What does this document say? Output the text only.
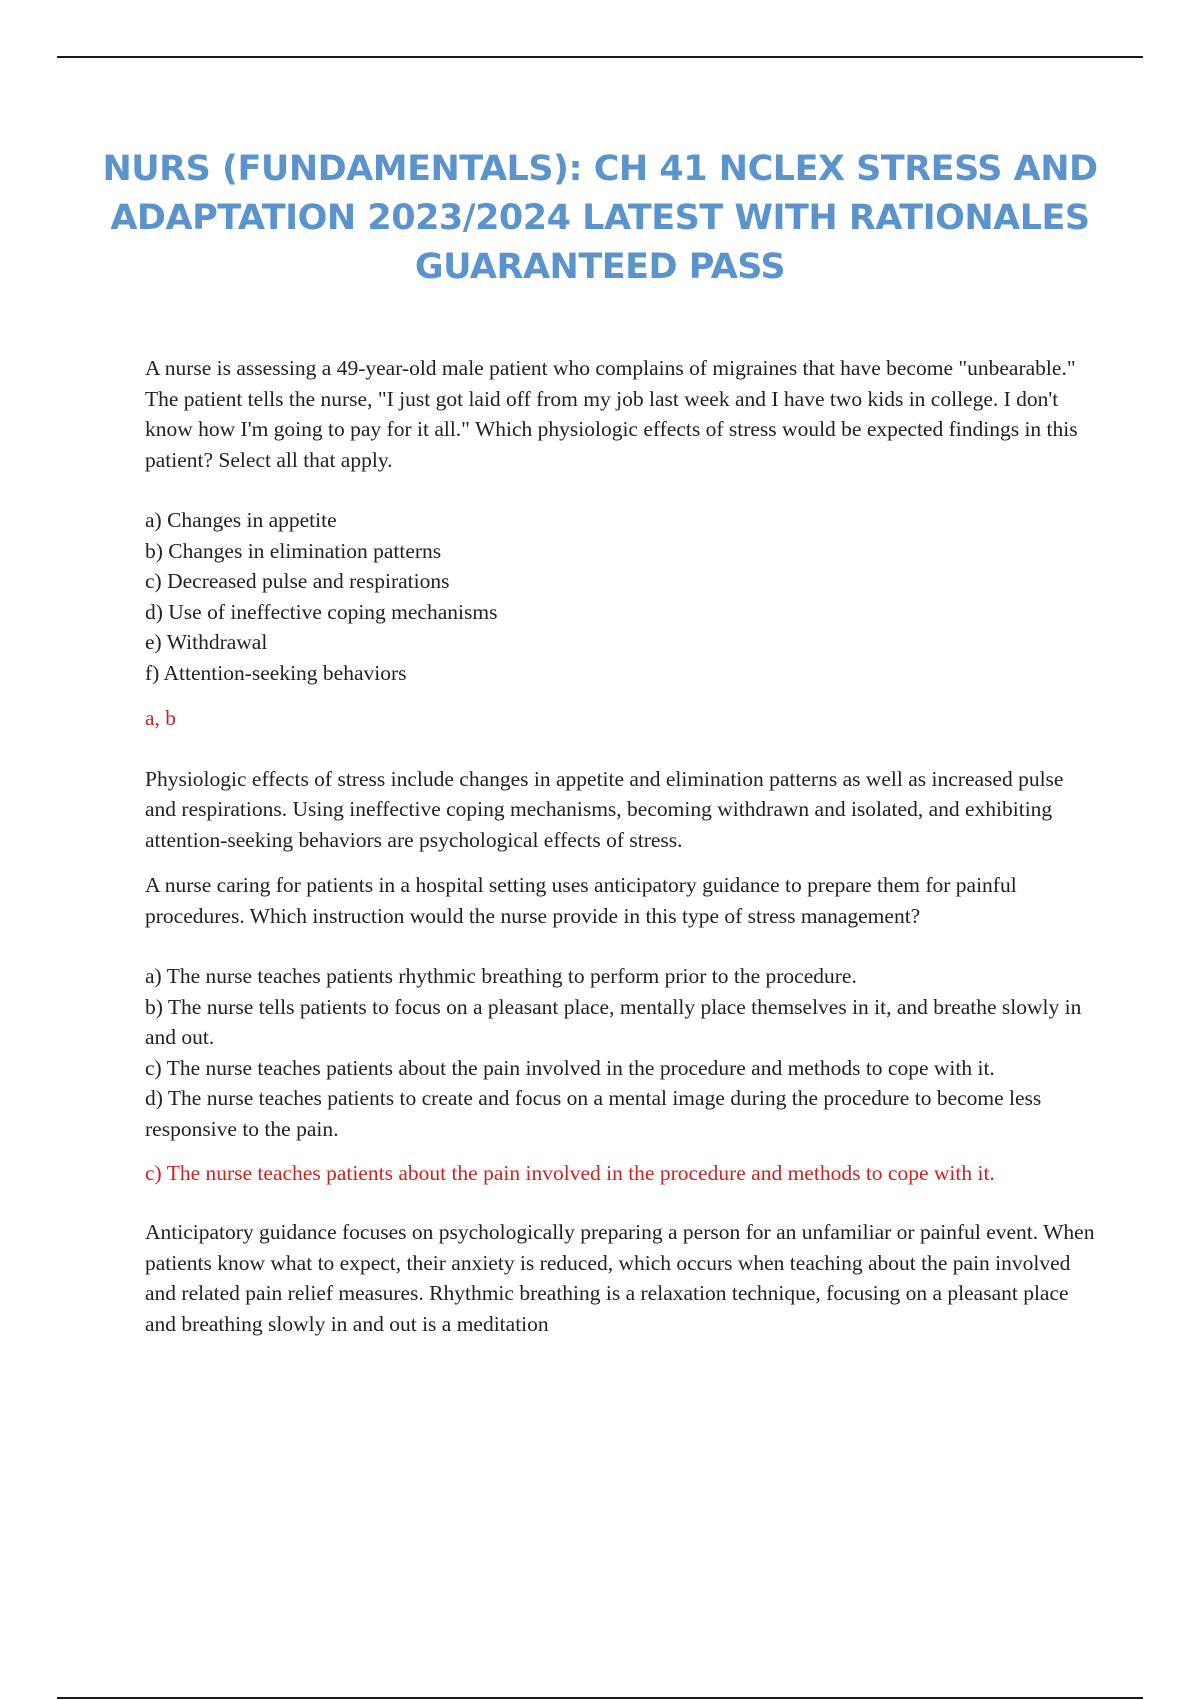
NURS (FUNDAMENTALS): CH 41 NCLEX STRESS AND ADAPTATION 2023/2024 LATEST WITH RATIONALES GUARANTEED PASS

A nurse is assessing a 49-year-old male patient who complains of migraines that have become "unbearable." The patient tells the nurse, "I just got laid off from my job last week and I have two kids in college. I don't know how I'm going to pay for it all." Which physiologic effects of stress would be expected findings in this patient? Select all that apply.

a) Changes in appetite
b) Changes in elimination patterns
c) Decreased pulse and respirations
d) Use of ineffective coping mechanisms
e) Withdrawal
f) Attention-seeking behaviors

a, b

Physiologic effects of stress include changes in appetite and elimination patterns as well as increased pulse and respirations. Using ineffective coping mechanisms, becoming withdrawn and isolated, and exhibiting attention-seeking behaviors are psychological effects of stress.

A nurse caring for patients in a hospital setting uses anticipatory guidance to prepare them for painful procedures. Which instruction would the nurse provide in this type of stress management?

a) The nurse teaches patients rhythmic breathing to perform prior to the procedure.
b) The nurse tells patients to focus on a pleasant place, mentally place themselves in it, and breathe slowly in and out.
c) The nurse teaches patients about the pain involved in the procedure and methods to cope with it.
d) The nurse teaches patients to create and focus on a mental image during the procedure to become less responsive to the pain.

c) The nurse teaches patients about the pain involved in the procedure and methods to cope with it.

Anticipatory guidance focuses on psychologically preparing a person for an unfamiliar or painful event. When patients know what to expect, their anxiety is reduced, which occurs when teaching about the pain involved and related pain relief measures. Rhythmic breathing is a relaxation technique, focusing on a pleasant place and breathing slowly in and out is a meditation
